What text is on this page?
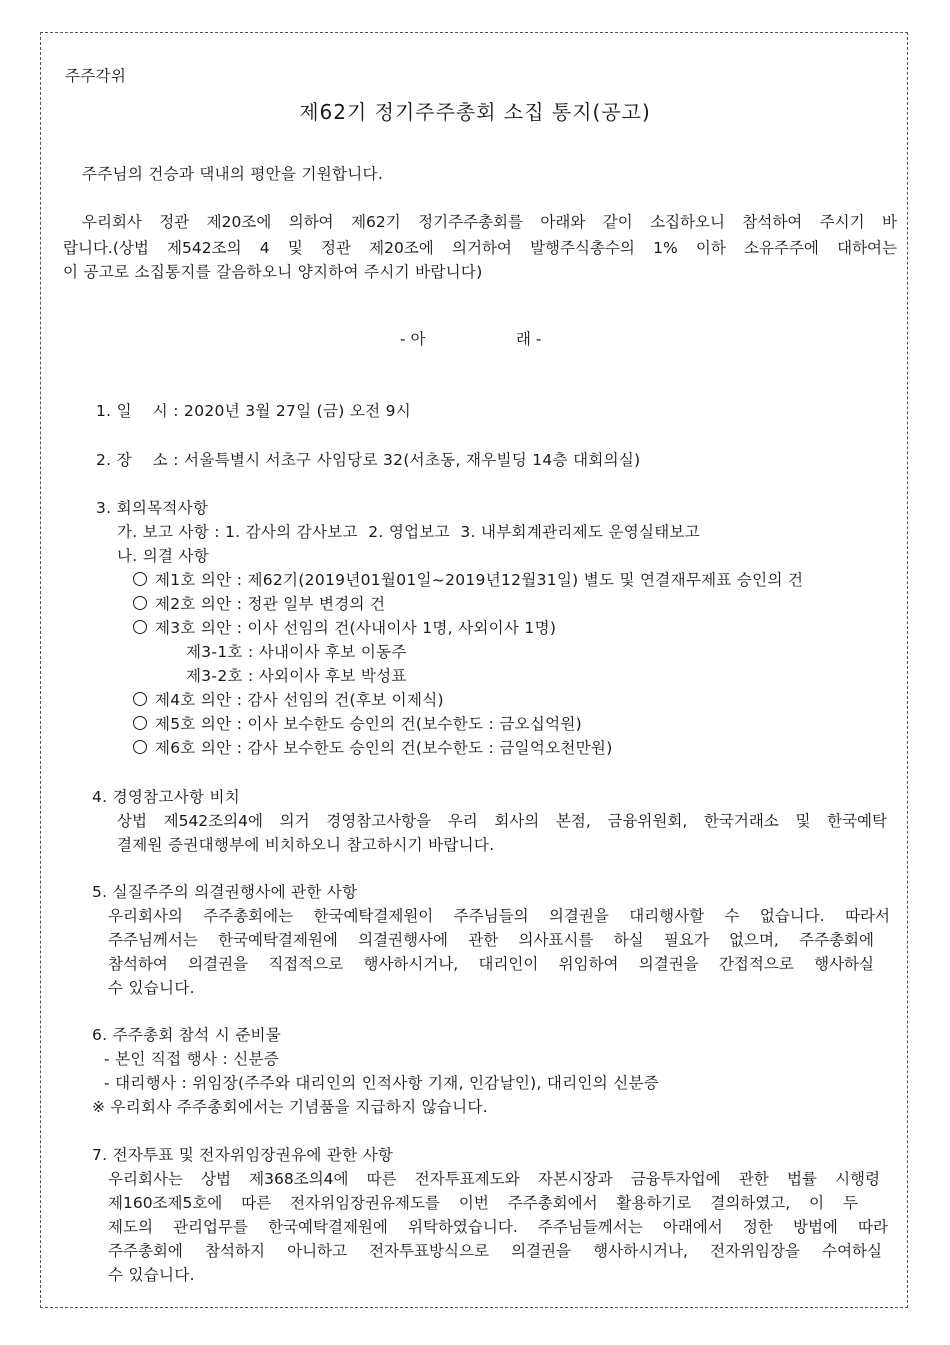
주주각위
제62기 정기주주총회 소집 통지(공고)
주주님의 건승과 댁내의 평안을 기원합니다.
우리회사 정관 제20조에 의하여 제62기 정기주주총회를 아래와 같이 소집하오니 참석하여 주시기 바
랍니다.(상법 제542조의 4 및 정관 제20조에 의거하여 발행주식총수의 1% 이하 소유주주에 대하여는
이 공고로 소집통지를 갈음하오니 양지하여 주시기 바랍니다)
- 아	래 -
1. 일    시 : 2020년 3월 27일 (금) 오전 9시
2. 장    소 : 서울특별시 서초구 사임당로 32(서초동, 재우빌딩 14층 대회의실)
3. 회의목적사항
가. 보고 사항 : 1. 감사의 감사보고  2. 영업보고  3. 내부회계관리제도 운영실태보고
나. 의결 사항
제1호 의안 : 제62기(2019년01월01일~2019년12월31일) 별도 및 연결재무제표 승인의 건
제2호 의안 : 정관 일부 변경의 건
제3호 의안 : 이사 선임의 건(사내이사 1명, 사외이사 1명)
제3-1호 : 사내이사 후보 이동주
제3-2호 : 사외이사 후보 박성표
제4호 의안 : 감사 선임의 건(후보 이제식)
제5호 의안 : 이사 보수한도 승인의 건(보수한도 : 금오십억원)
제6호 의안 : 감사 보수한도 승인의 건(보수한도 : 금일억오천만원)
4. 경영참고사항 비치
상법 제542조의4에 의거 경영참고사항을 우리 회사의 본점, 금융위원회, 한국거래소 및 한국예탁
결제원 증권대행부에 비치하오니 참고하시기 바랍니다.
5. 실질주주의 의결권행사에 관한 사항
우리회사의 주주총회에는 한국예탁결제원이 주주님들의 의결권을 대리행사할 수 없습니다. 따라서
주주님께서는 한국예탁결제원에 의결권행사에 관한 의사표시를 하실 필요가 없으며, 주주총회에
참석하여 의결권을 직접적으로 행사하시거나, 대리인이 위임하여 의결권을 간접적으로 행사하실
수 있습니다.
6. 주주총회 참석 시 준비물
- 본인 직접 행사 : 신분증
- 대리행사 : 위임장(주주와 대리인의 인적사항 기재, 인감날인), 대리인의 신분증
※ 우리회사 주주총회에서는 기념품을 지급하지 않습니다.
7. 전자투표 및 전자위임장권유에 관한 사항
우리회사는 상법 제368조의4에 따른 전자투표제도와 자본시장과 금융투자업에 관한 법률 시행령
제160조제5호에 따른 전자위임장권유제도를 이번 주주총회에서 활용하기로 결의하였고, 이 두
제도의 관리업무를 한국예탁결제원에 위탁하였습니다. 주주님들께서는 아래에서 정한 방법에 따라
주주총회에 참석하지 아니하고 전자투표방식으로 의결권을 행사하시거나, 전자위임장을 수여하실
수 있습니다.
